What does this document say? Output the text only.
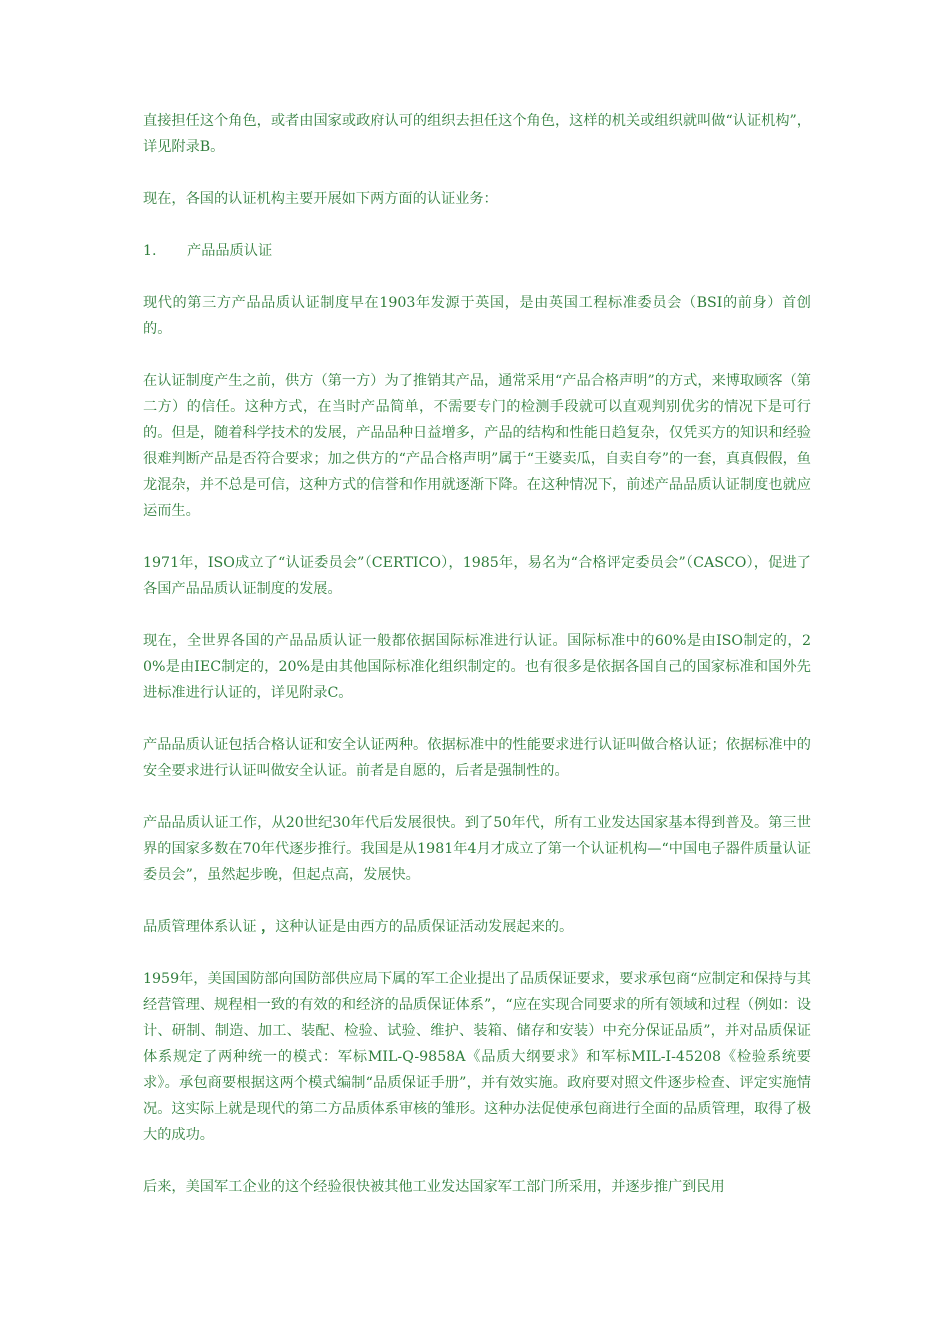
直接担任这个角色，或者由国家或政府认可的组织去担任这个角色，这样的机关或组织就叫做“认证机构”，详见附录B。

现在，各国的认证机构主要开展如下两方面的认证业务：

1. 产品品质认证

现代的第三方产品品质认证制度早在1903年发源于英国，是由英国工程标准委员会（BSI的前身）首创的。

在认证制度产生之前，供方（第一方）为了推销其产品，通常采用“产品合格声明”的方式，来博取顾客（第二方）的信任。这种方式，在当时产品简单，不需要专门的检测手段就可以直观判别优劣的情况下是可行的。但是，随着科学技术的发展，产品品种日益增多，产品的结构和性能日趋复杂，仅凭买方的知识和经验很难判断产品是否符合要求；加之供方的“产品合格声明”属于“王婆卖瓜，自卖自夸”的一套，真真假假，鱼龙混杂，并不总是可信，这种方式的信誉和作用就逐渐下降。在这种情况下，前述产品品质认证制度也就应运而生。

1971年，ISO成立了“认证委员会”（CERTICO），1985年，易名为“合格评定委员会”（CASCO），促进了各国产品品质认证制度的发展。

现在，全世界各国的产品品质认证一般都依据国际标准进行认证。国际标准中的60%是由ISO制定的，20%是由IEC制定的，20%是由其他国际标准化组织制定的。也有很多是依据各国自己的国家标准和国外先进标准进行认证的，详见附录C。

产品品质认证包括合格认证和安全认证两种。依据标准中的性能要求进行认证叫做合格认证；依据标准中的安全要求进行认证叫做安全认证。前者是自愿的，后者是强制性的。

产品品质认证工作，从20世纪30年代后发展很快。到了50年代，所有工业发达国家基本得到普及。第三世界的国家多数在70年代逐步推行。我国是从1981年4月才成立了第一个认证机构—“中国电子器件质量认证委员会”，虽然起步晚，但起点高，发展快。

品质管理体系认证 ，这种认证是由西方的品质保证活动发展起来的。

1959年，美国国防部向国防部供应局下属的军工企业提出了品质保证要求，要求承包商“应制定和保持与其经营管理、规程相一致的有效的和经济的品质保证体系”，“应在实现合同要求的所有领域和过程（例如：设计、研制、制造、加工、装配、检验、试验、维护、装箱、储存和安装）中充分保证品质”，并对品质保证体系规定了两种统一的模式：军标MIL-Q-9858A《品质大纲要求》和军标MIL-I-45208《检验系统要求》。承包商要根据这两个模式编制“品质保证手册”，并有效实施。政府要对照文件逐步检查、评定实施情况。这实际上就是现代的第二方品质体系审核的雏形。这种办法促使承包商进行全面的品质管理，取得了极大的成功。

后来，美国军工企业的这个经验很快被其他工业发达国家军工部门所采用，并逐步推广到民用
